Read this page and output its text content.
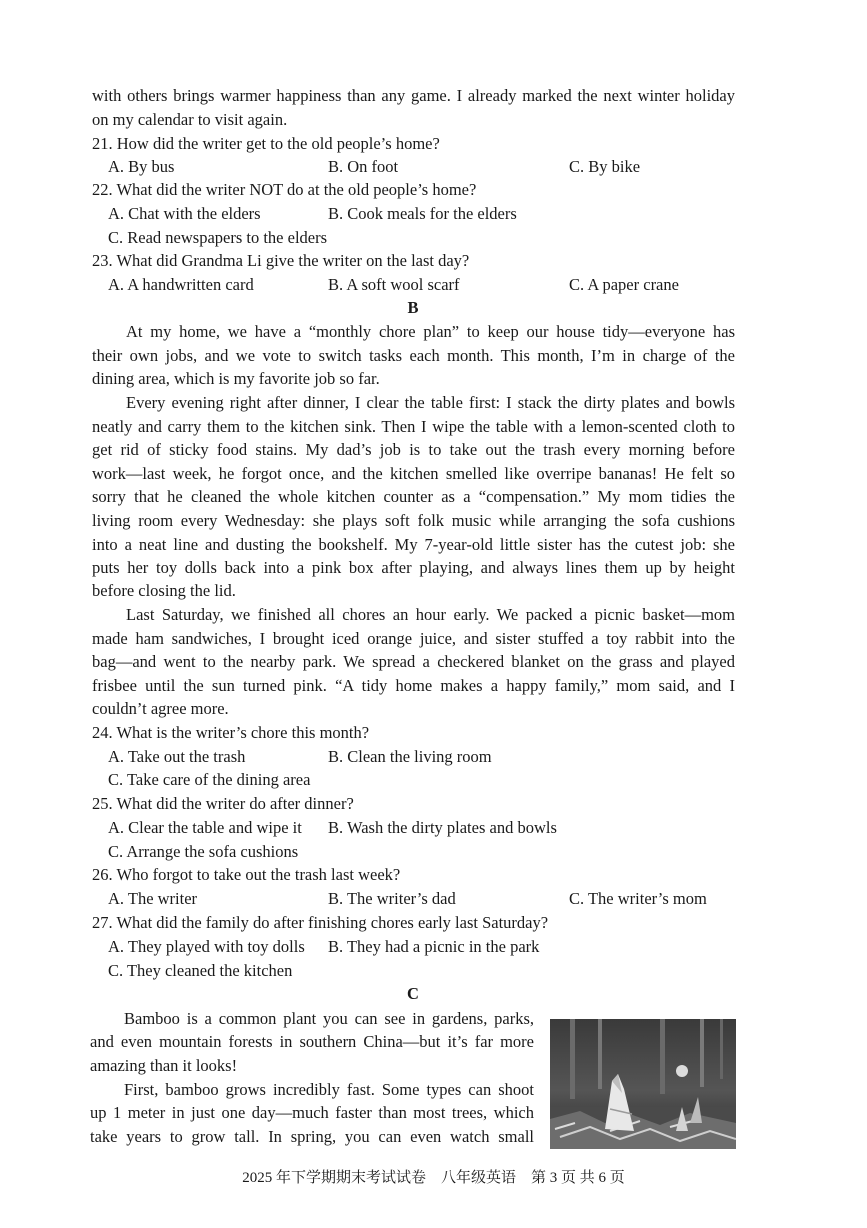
with others brings warmer happiness than any game. I already marked the next winter holiday
on my calendar to visit again.
21. How did the writer get to the old people’s home?
A. By bus	B. On foot	C. By bike
22. What did the writer NOT do at the old people’s home?
A. Chat with the elders	B. Cook meals for the elders
C. Read newspapers to the elders
23. What did Grandma Li give the writer on the last day?
A. A handwritten card	B. A soft wool scarf	C. A paper crane
B
At my home, we have a “monthly chore plan” to keep our house tidy—everyone has
their own jobs, and we vote to switch tasks each month. This month, I’m in charge of the
dining area, which is my favorite job so far.
Every evening right after dinner, I clear the table first: I stack the dirty plates and bowls
neatly and carry them to the kitchen sink. Then I wipe the table with a lemon-scented cloth to
get rid of sticky food stains. My dad’s job is to take out the trash every morning before
work—last week, he forgot once, and the kitchen smelled like overripe bananas! He felt so
sorry that he cleaned the whole kitchen counter as a “compensation.” My mom tidies the
living room every Wednesday: she plays soft folk music while arranging the sofa cushions
into a neat line and dusting the bookshelf. My 7-year-old little sister has the cutest job: she
puts her toy dolls back into a pink box after playing, and always lines them up by height
before closing the lid.
Last Saturday, we finished all chores an hour early. We packed a picnic basket—mom
made ham sandwiches, I brought iced orange juice, and sister stuffed a toy rabbit into the
bag—and went to the nearby park. We spread a checkered blanket on the grass and played
frisbee until the sun turned pink. “A tidy home makes a happy family,” mom said, and I
couldn’t agree more.
24. What is the writer’s chore this month?
A. Take out the trash	B. Clean the living room
C. Take care of the dining area
25. What did the writer do after dinner?
A. Clear the table and wipe it B. Wash the dirty plates and bowls
C. Arrange the sofa cushions
26. Who forgot to take out the trash last week?
A. The writer	B. The writer’s dad	C. The writer’s mom
27. What did the family do after finishing chores early last Saturday?
A. They played with toy dolls B. They had a picnic in the park
C. They cleaned the kitchen
C
Bamboo is a common plant you can see in gardens, parks,
and even mountain forests in southern China—but it’s far more
amazing than it looks!
First, bamboo grows incredibly fast. Some types can shoot
up 1 meter in just one day—much faster than most trees, which
take years to grow tall. In spring, you can even watch small
2025 年下学期期末考试试卷　八年级英语　第 3 页 共 6 页
